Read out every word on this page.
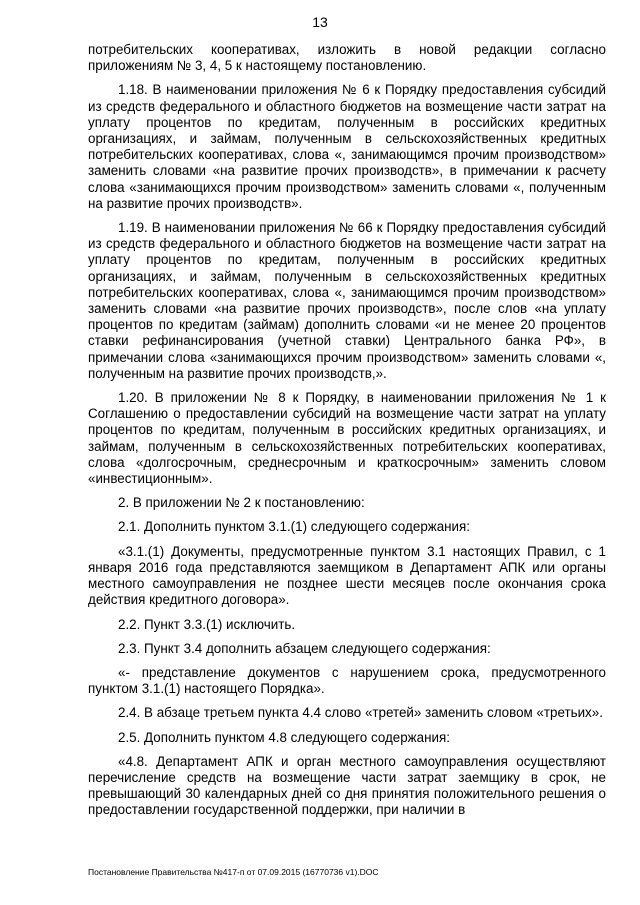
13

потребительских кооперативах, изложить в новой редакции согласно приложениям № 3, 4, 5 к настоящему постановлению.

1.18. В наименовании приложения № 6 к Порядку предоставления субсидий из средств федерального и областного бюджетов на возмещение части затрат на уплату процентов по кредитам, полученным в российских кредитных организациях, и займам, полученным в сельскохозяйственных кредитных потребительских кооперативах, слова «, занимающимся прочим производством» заменить словами «на развитие прочих производств», в примечании к расчету слова «занимающихся прочим производством» заменить словами «, полученным на развитие прочих производств».

1.19. В наименовании приложения № 66 к Порядку предоставления субсидий из средств федерального и областного бюджетов на возмещение части затрат на уплату процентов по кредитам, полученным в российских кредитных организациях, и займам, полученным в сельскохозяйственных кредитных потребительских кооперативах, слова «, занимающимся прочим производством» заменить словами «на развитие прочих производств», после слов «на уплату процентов по кредитам (займам) дополнить словами «и не менее 20 процентов ставки рефинансирования (учетной ставки) Центрального банка РФ», в примечании слова «занимающихся прочим производством» заменить словами «, полученным на развитие прочих производств,».

1.20. В приложении № 8 к Порядку, в наименовании приложения № 1 к Соглашению о предоставлении субсидий на возмещение части затрат на уплату процентов по кредитам, полученным в российских кредитных организациях, и займам, полученным в сельскохозяйственных потребительских кооперативах, слова «долгосрочным, среднесрочным и краткосрочным» заменить словом «инвестиционным».

2. В приложении № 2 к постановлению:

2.1. Дополнить пунктом 3.1.(1) следующего содержания:

«3.1.(1) Документы, предусмотренные пунктом 3.1 настоящих Правил, с 1 января 2016 года представляются заемщиком в Департамент АПК или органы местного самоуправления не позднее шести месяцев после окончания срока действия кредитного договора».

2.2. Пункт 3.3.(1) исключить.

2.3. Пункт 3.4 дополнить абзацем следующего содержания:

«- представление документов с нарушением срока, предусмотренного пунктом 3.1.(1) настоящего Порядка».

2.4. В абзаце третьем пункта 4.4 слово «третей» заменить словом «третьих».

2.5. Дополнить пунктом 4.8 следующего содержания:

«4.8. Департамент АПК и орган местного самоуправления осуществляют перечисление средств на возмещение части затрат заемщику в срок, не превышающий 30 календарных дней со дня принятия положительного решения о предоставлении государственной поддержки, при наличии в

Постановление Правительства №417-п от 07.09.2015 (16770736 v1).DOC
